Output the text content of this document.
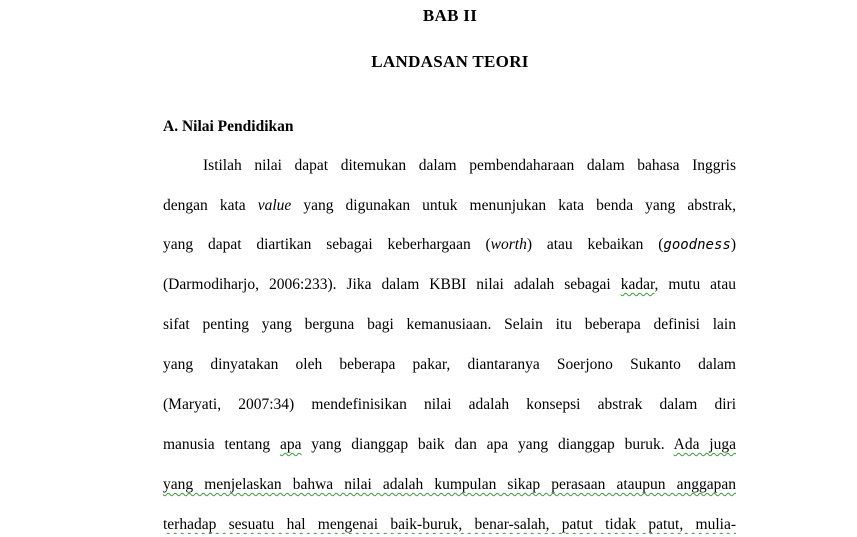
BAB II
LANDASAN TEORI
A. Nilai Pendidikan
Istilah nilai dapat ditemukan dalam pembendaharaan dalam bahasa Inggris
dengan kata value yang digunakan untuk menunjukan kata benda yang abstrak,
yang dapat diartikan sebagai keberhargaan (worth) atau kebaikan (goodness)
(Darmodiharjo, 2006:233). Jika dalam KBBI nilai adalah sebagai kadar, mutu atau
sifat penting yang berguna bagi kemanusiaan. Selain itu beberapa definisi lain
yang dinyatakan oleh beberapa pakar, diantaranya Soerjono Sukanto dalam
(Maryati, 2007:34) mendefinisikan nilai adalah konsepsi abstrak dalam diri
manusia tentang apa yang dianggap baik dan apa yang dianggap buruk. Ada juga
yang menjelaskan bahwa nilai adalah kumpulan sikap perasaan ataupun anggapan
terhadap sesuatu hal mengenai baik-buruk, benar-salah, patut tidak patut, mulia-
